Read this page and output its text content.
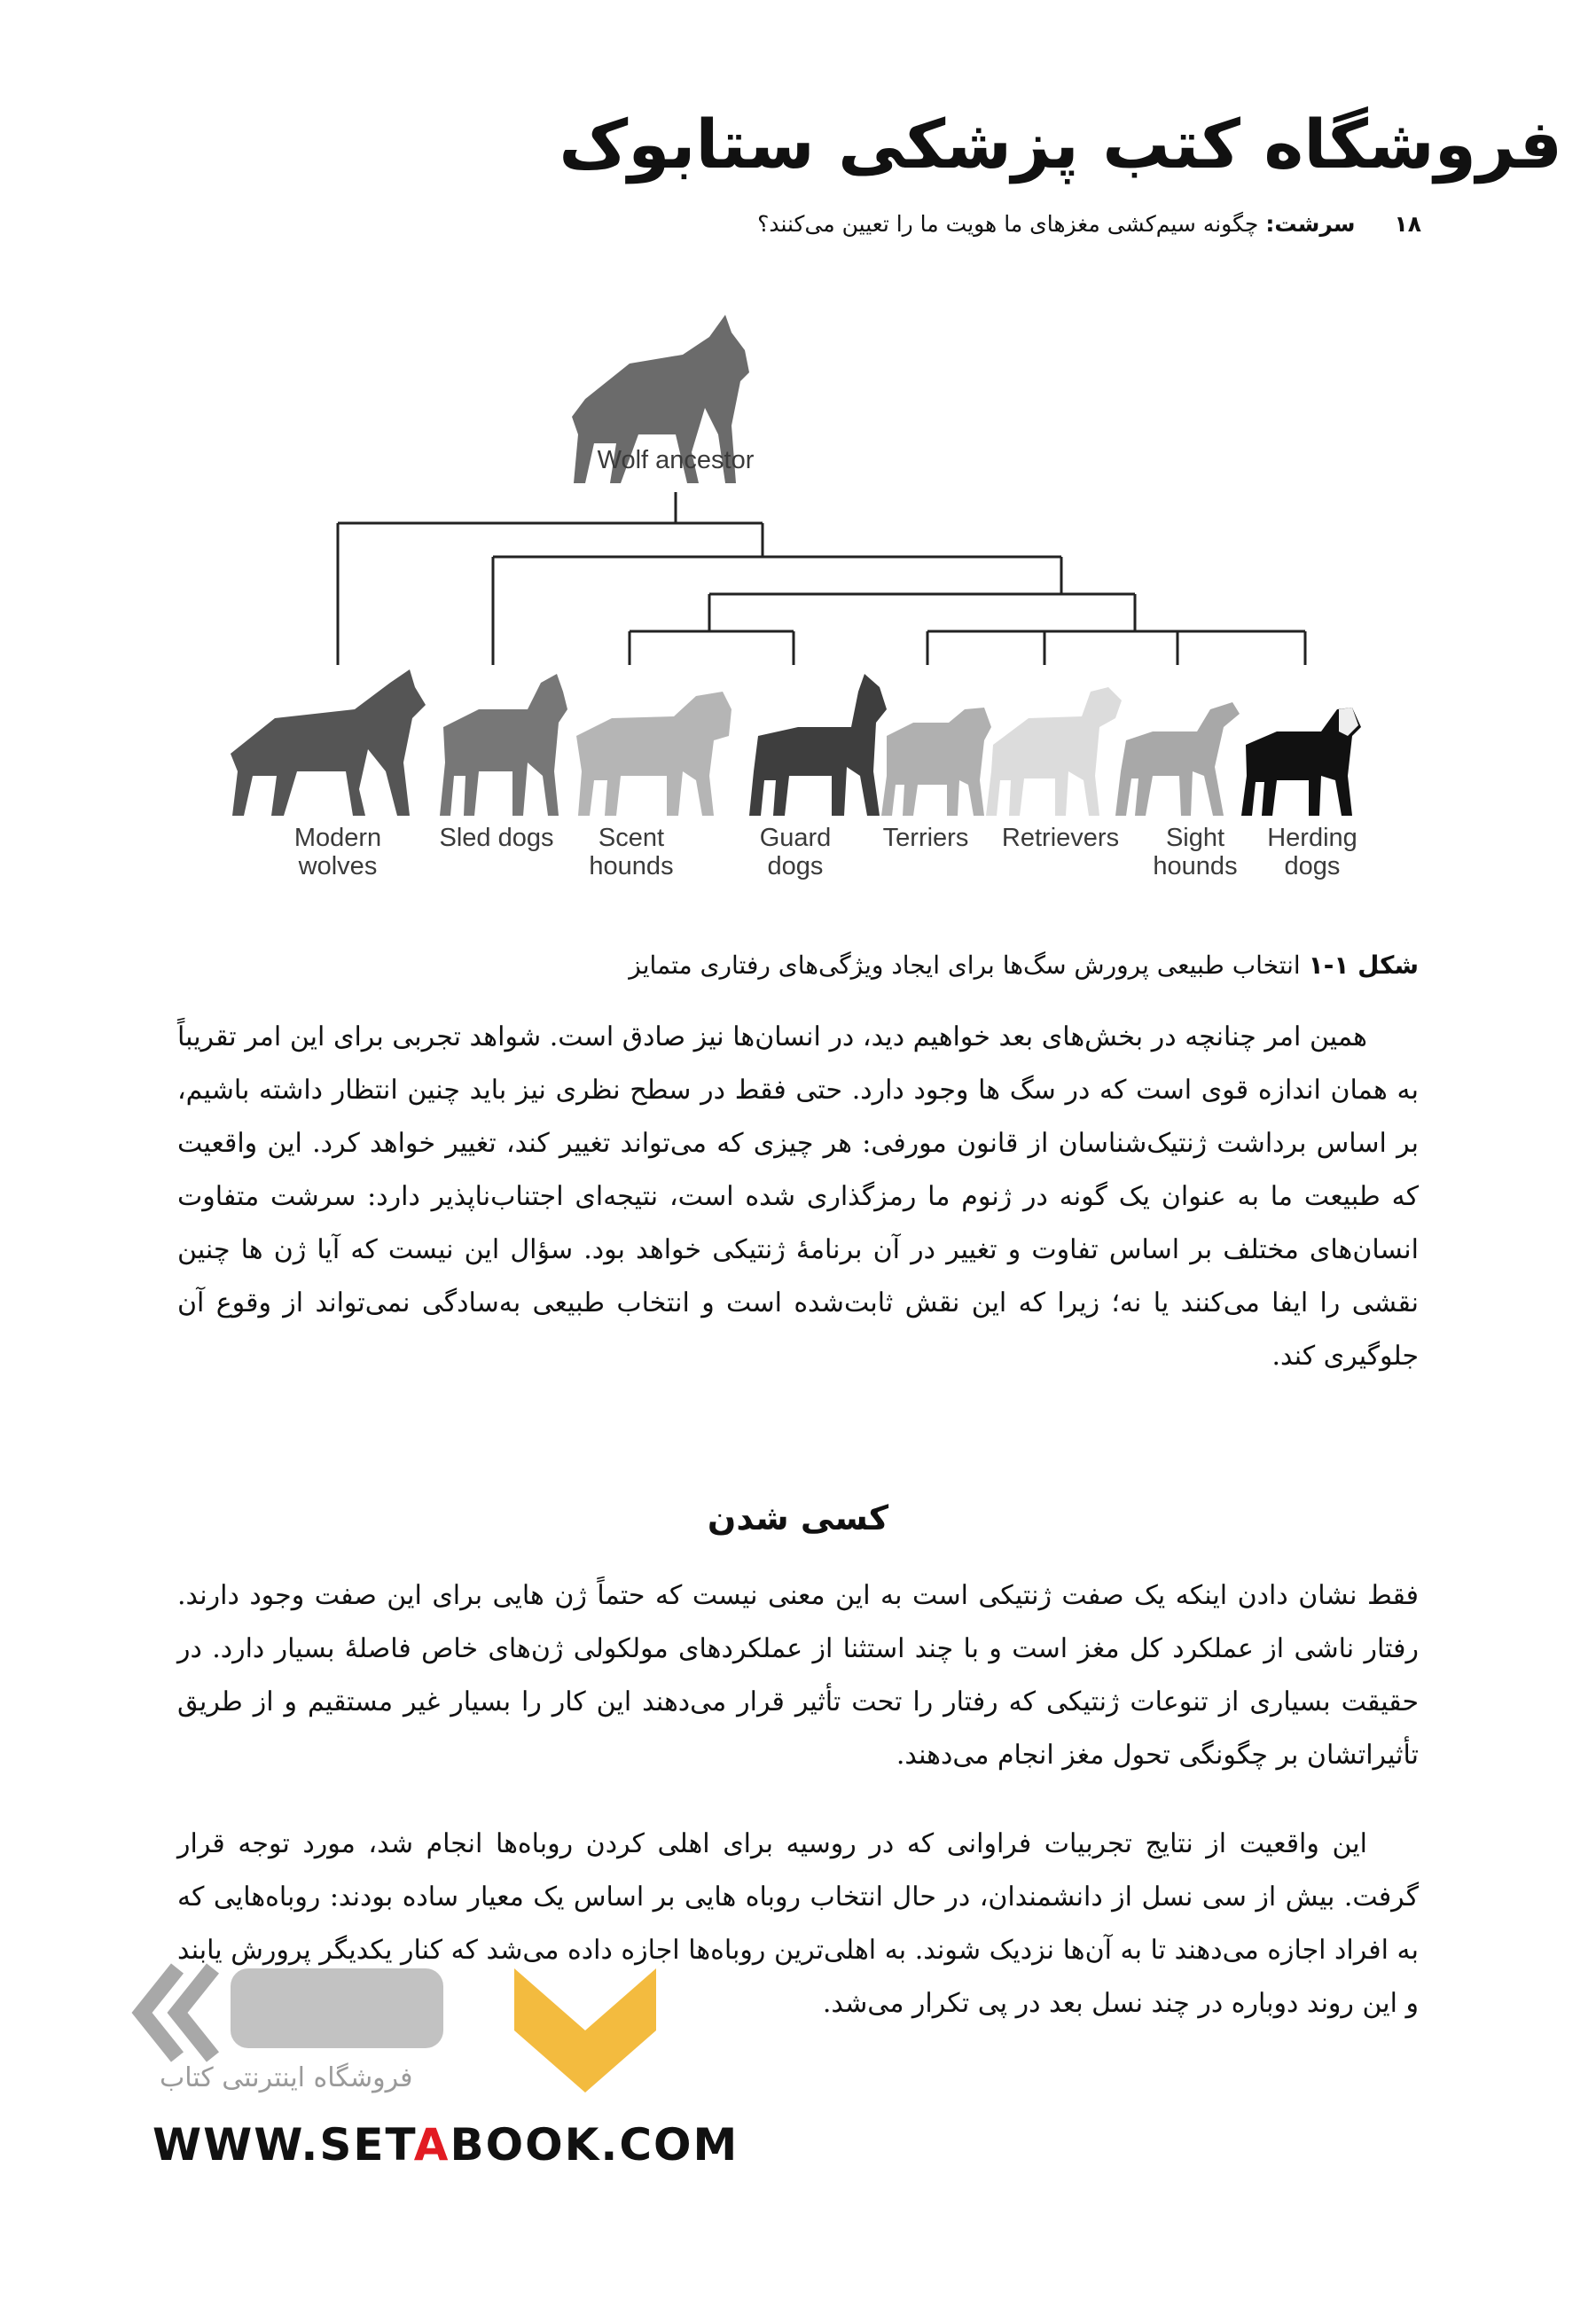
فروشگاه کتب پزشکی ستابوک
۱۸ سرشت: چگونه سیم‌کشی مغزهای ما هویت ما را تعیین می‌کنند؟
Wolf ancestor
Modern
wolves
Sled dogs Scent
hounds
Guard
dogs
Terriers Retrievers Sight
hounds
Herding
dogs
شکل ۱-۱ انتخاب طبیعی پرورش سگ‌ها برای ایجاد ویژگی‌های رفتاری متمایز

همین امر چنانچه در بخش‌های بعد خواهیم دید، در انسان‌ها نیز صادق است. شواهد تجربی برای این امر تقریباً به همان اندازه قوی است که در سگ ها وجود دارد. حتی فقط در سطح نظری نیز باید چنین انتظار داشته باشیم، بر اساس برداشت ژنتیک‌شناسان از قانون مورفی: هر چیزی که می‌تواند تغییر کند، تغییر خواهد کرد. این واقعیت که طبیعت ما به عنوان یک گونه در ژنوم ما رمزگذاری شده است، نتیجه‌ای اجتناب‌ناپذیر دارد: سرشت متفاوت انسان‌های مختلف بر اساس تفاوت و تغییر در آن برنامهٔ ژنتیکی خواهد بود. سؤال این نیست که آیا ژن ها چنین نقشی را ایفا می‌کنند یا نه؛ زیرا که این نقش ثابت‌شده است و انتخاب طبیعی به‌سادگی نمی‌تواند از وقوع آن جلوگیری کند.

کسی شدن

فقط نشان دادن اینکه یک صفت ژنتیکی است به این معنی نیست که حتماً ژن هایی برای این صفت وجود دارند. رفتار ناشی از عملکرد کل مغز است و با چند استثنا از عملکردهای مولکولی ژن‌های خاص فاصلهٔ بسیار دارد. در حقیقت بسیاری از تنوعات ژنتیکی که رفتار را تحت تأثیر قرار می‌دهند این کار را بسیار غیر مستقیم و از طریق تأثیراتشان بر چگونگی تحول مغز انجام می‌دهند.

این واقعیت از نتایج تجربیات فراوانی که در روسیه برای اهلی کردن روباه‌ها انجام شد، مورد توجه قرار گرفت. بیش از سی نسل از دانشمندان، در حال انتخاب روباه هایی بر اساس یک معیار ساده بودند: روباه‌هایی که به افراد اجازه می‌دهند تا به آن‌ها نزدیک شوند. به اهلی‌ترین روباه‌ها اجازه داده می‌شد که کنار یکدیگر پرورش یابند و این روند دوباره در چند نسل بعد در پی تکرار می‌شد.

فروشگاه اینترنتی کتاب
WWW.SETABOOK.COM
